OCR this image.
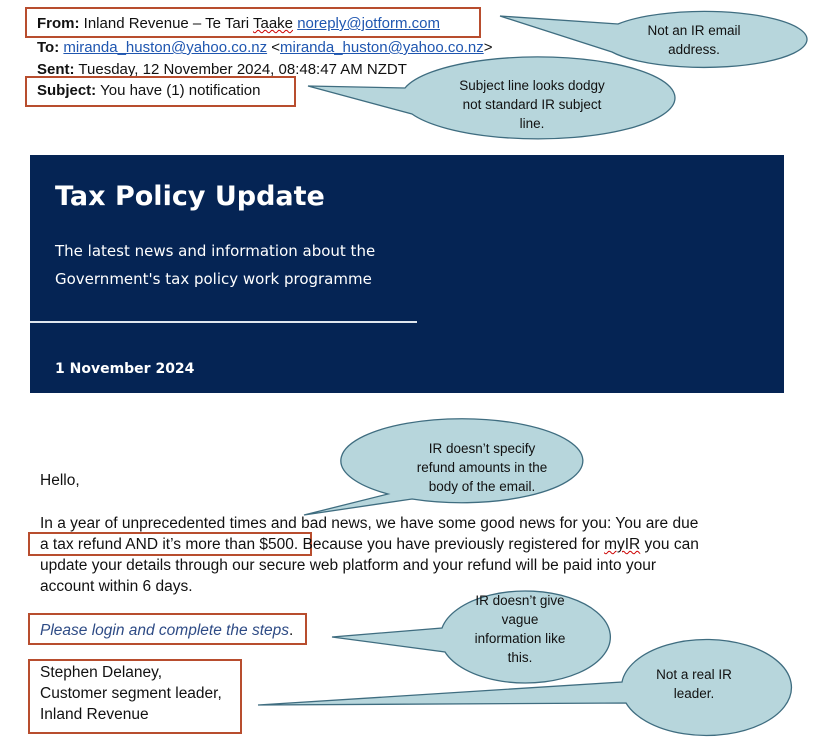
From: Inland Revenue – Te Tari Taake noreply@jotform.com
To: miranda_huston@yahoo.co.nz <miranda_huston@yahoo.co.nz>
Sent: Tuesday, 12 November 2024, 08:48:47 AM NZDT
Subject: You have (1) notification
Tax Policy Update
The latest news and information about the
Government's tax policy work programme
1 November 2024
Hello,
In a year of unprecedented times and bad news, we have some good news for you: You are due
a tax refund AND it’s more than $500. Because you have previously registered for myIR you can
update your details through our secure web platform and your refund will be paid into your
account within 6 days.
Please login and complete the steps.
Stephen Delaney,
Customer segment leader,
Inland Revenue
Not an IR email
address.
Subject line looks dodgy
not standard IR subject
line.
IR doesn’t specify
refund amounts in the
body of the email.
IR doesn’t give
vague
information like
this.
Not a real IR
leader.
